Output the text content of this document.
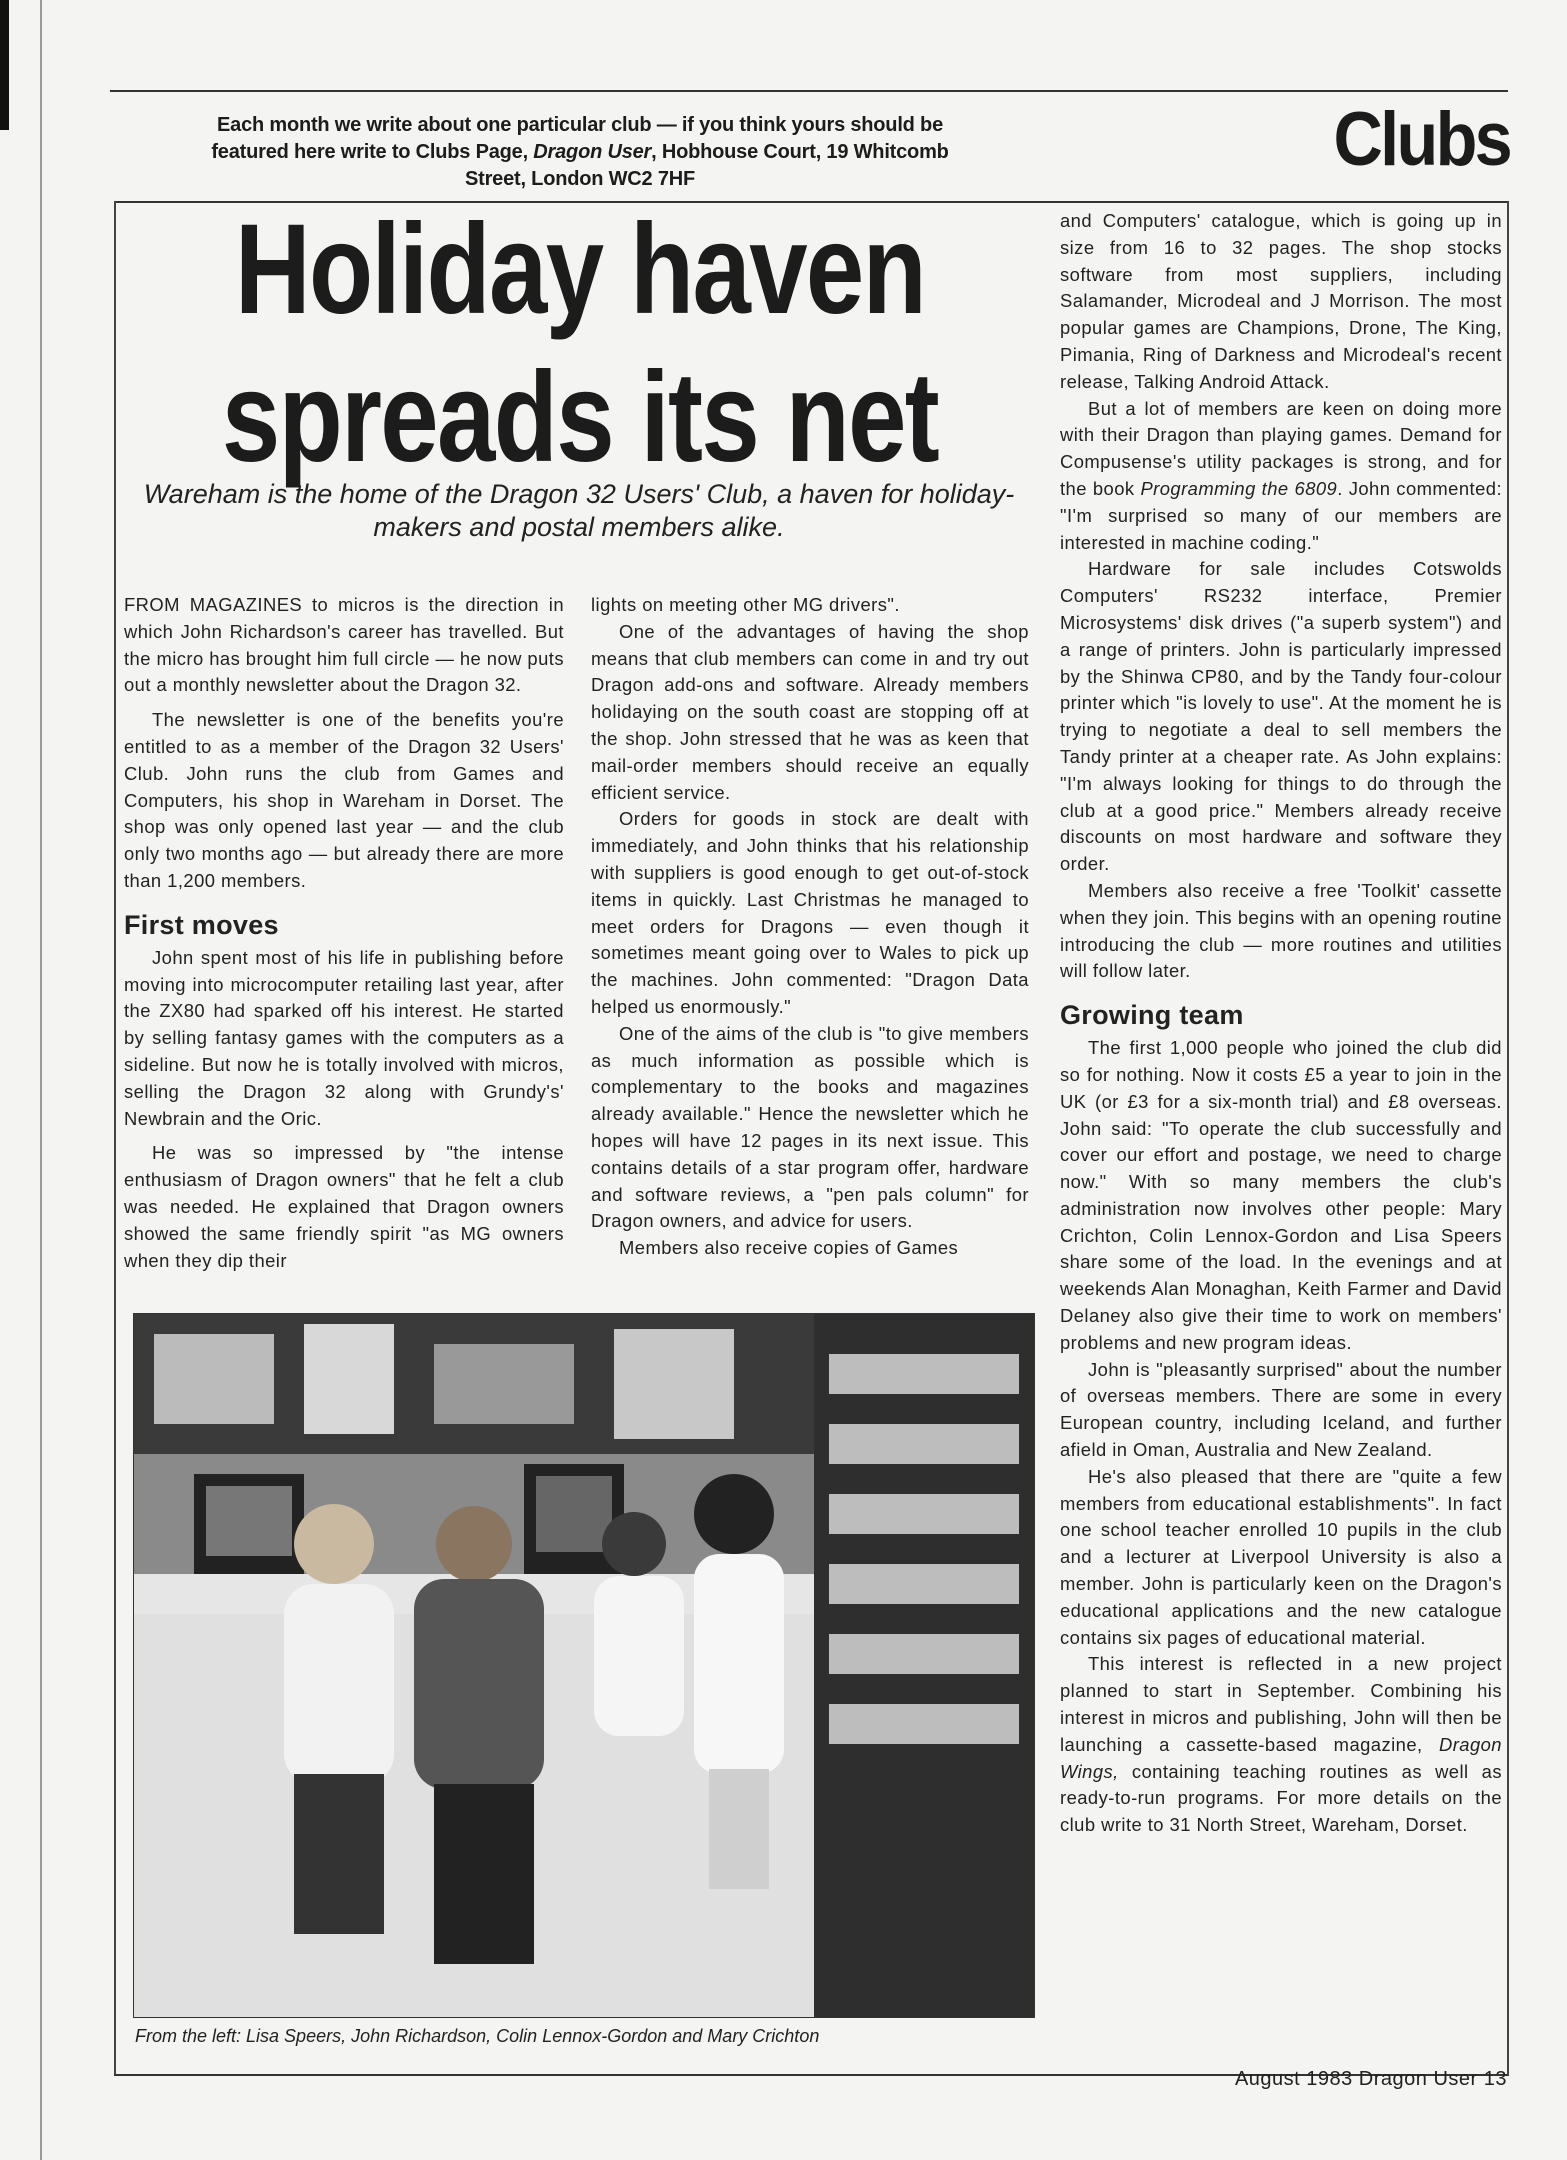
Each month we write about one particular club — if you think yours should be
featured here write to Clubs Page, Dragon User, Hobhouse Court, 19 Whitcomb
Street, London WC2 7HF	Clubs
Holiday haven
spreads its net
Wareham is the home of the Dragon 32 Users' Club, a haven for holiday-makers and postal members alike.

FROM MAGAZINES to micros is the direction in which John Richardson's career has travelled. But the micro has brought him full circle — he now puts out a monthly newsletter about the Dragon 32.

The newsletter is one of the benefits you're entitled to as a member of the Dragon 32 Users' Club. John runs the club from Games and Computers, his shop in Wareham in Dorset. The shop was only opened last year — and the club only two months ago — but already there are more than 1,200 members.

First moves

John spent most of his life in publishing before moving into microcomputer retailing last year, after the ZX80 had sparked off his interest. He started by selling fantasy games with the computers as a sideline. But now he is totally involved with micros, selling the Dragon 32 along with Grundy's' Newbrain and the Oric.

He was so impressed by "the intense enthusiasm of Dragon owners" that he felt a club was needed. He explained that Dragon owners showed the same friendly spirit "as MG owners when they dip their

lights on meeting other MG drivers".

One of the advantages of having the shop means that club members can come in and try out Dragon add-ons and software. Already members holidaying on the south coast are stopping off at the shop. John stressed that he was as keen that mail-order members should receive an equally efficient service.

Orders for goods in stock are dealt with immediately, and John thinks that his relationship with suppliers is good enough to get out-of-stock items in quickly. Last Christmas he managed to meet orders for Dragons — even though it sometimes meant going over to Wales to pick up the machines. John commented: "Dragon Data helped us enormously."

One of the aims of the club is "to give members as much information as possible which is complementary to the books and magazines already available." Hence the newsletter which he hopes will have 12 pages in its next issue. This contains details of a star program offer, hardware and software reviews, a "pen pals column" for Dragon owners, and advice for users.

Members also receive copies of Games

and Computers' catalogue, which is going up in size from 16 to 32 pages. The shop stocks software from most suppliers, including Salamander, Microdeal and J Morrison. The most popular games are Champions, Drone, The King, Pimania, Ring of Darkness and Microdeal's recent release, Talking Android Attack.

But a lot of members are keen on doing more with their Dragon than playing games. Demand for Compusense's utility packages is strong, and for the book Programming the 6809. John commented: "I'm surprised so many of our members are interested in machine coding."

Hardware for sale includes Cotswolds Computers' RS232 interface, Premier Microsystems' disk drives ("a superb system") and a range of printers. John is particularly impressed by the Shinwa CP80, and by the Tandy four-colour printer which "is lovely to use". At the moment he is trying to negotiate a deal to sell members the Tandy printer at a cheaper rate. As John explains: "I'm always looking for things to do through the club at a good price." Members already receive discounts on most hardware and software they order.

Members also receive a free 'Toolkit' cassette when they join. This begins with an opening routine introducing the club — more routines and utilities will follow later.

Growing team

The first 1,000 people who joined the club did so for nothing. Now it costs £5 a year to join in the UK (or £3 for a six-month trial) and £8 overseas. John said: "To operate the club successfully and cover our effort and postage, we need to charge now." With so many members the club's administration now involves other people: Mary Crichton, Colin Lennox-Gordon and Lisa Speers share some of the load. In the evenings and at weekends Alan Monaghan, Keith Farmer and David Delaney also give their time to work on members' problems and new program ideas.

John is "pleasantly surprised" about the number of overseas members. There are some in every European country, including Iceland, and further afield in Oman, Australia and New Zealand.

He's also pleased that there are "quite a few members from educational establishments". In fact one school teacher enrolled 10 pupils in the club and a lecturer at Liverpool University is also a member. John is particularly keen on the Dragon's educational applications and the new catalogue contains six pages of educational material.

This interest is reflected in a new project planned to start in September. Combining his interest in micros and publishing, John will then be launching a cassette-based magazine, Dragon Wings, containing teaching routines as well as ready-to-run programs. For more details on the club write to 31 North Street, Wareham, Dorset.

From the left: Lisa Speers, John Richardson, Colin Lennox-Gordon and Mary Crichton
August 1983 Dragon User 13
